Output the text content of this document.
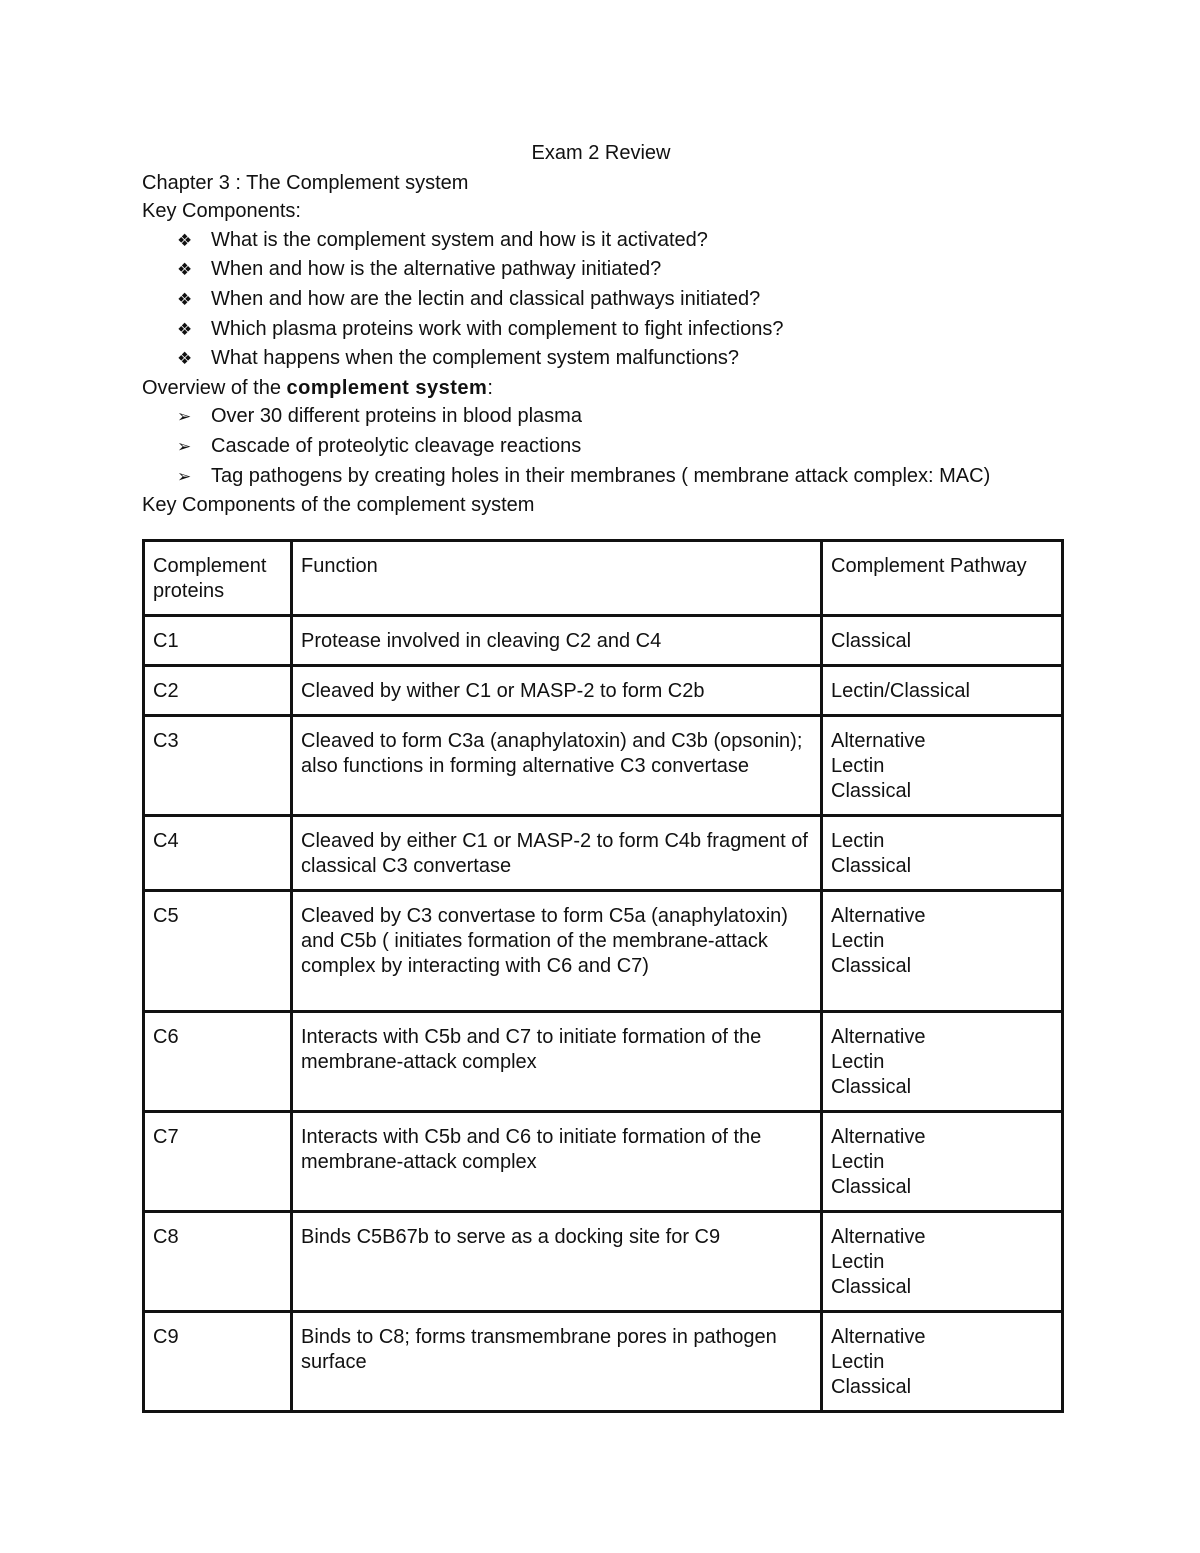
Exam 2 Review
Chapter 3 : The Complement system
Key Components:
❖ What is the complement system and how is it activated?
❖ When and how is the alternative pathway initiated?
❖ When and how are the lectin and classical pathways initiated?
❖ Which plasma proteins work with complement to fight infections?
❖ What happens when the complement system malfunctions?
Overview of the complement system:
➢ Over 30 different proteins in blood plasma
➢ Cascade of proteolytic cleavage reactions
➢ Tag pathogens by creating holes in their membranes ( membrane attack complex: MAC)
Key Components of the complement system
Complement proteins	Function	Complement Pathway
C1	Protease involved in cleaving C2 and C4	Classical

C2	Cleaved by wither C1 or MASP-2 to form C2b	Lectin/Classical

C3	Cleaved to form C3a (anaphylatoxin) and C3b (opsonin); also functions in forming alternative C3 convertase	Alternative
Lectin
Classical

C4	Cleaved by either C1 or MASP-2 to form C4b fragment of classical C3 convertase	Lectin
Classical

C5	Cleaved by C3 convertase to form C5a (anaphylatoxin) and C5b ( initiates formation of the membrane-attack complex by interacting with C6 and C7)	Alternative
Lectin
Classical

C6	Interacts with C5b and C7 to initiate formation of the membrane-attack complex	Alternative
Lectin
Classical

C7	Interacts with C5b and C6 to initiate formation of the membrane-attack complex	Alternative
Lectin
Classical

C8	Binds C5B67b to serve as a docking site for C9	Alternative
Lectin
Classical

C9	Binds to C8; forms transmembrane pores in pathogen surface	Alternative
Lectin
Classical
